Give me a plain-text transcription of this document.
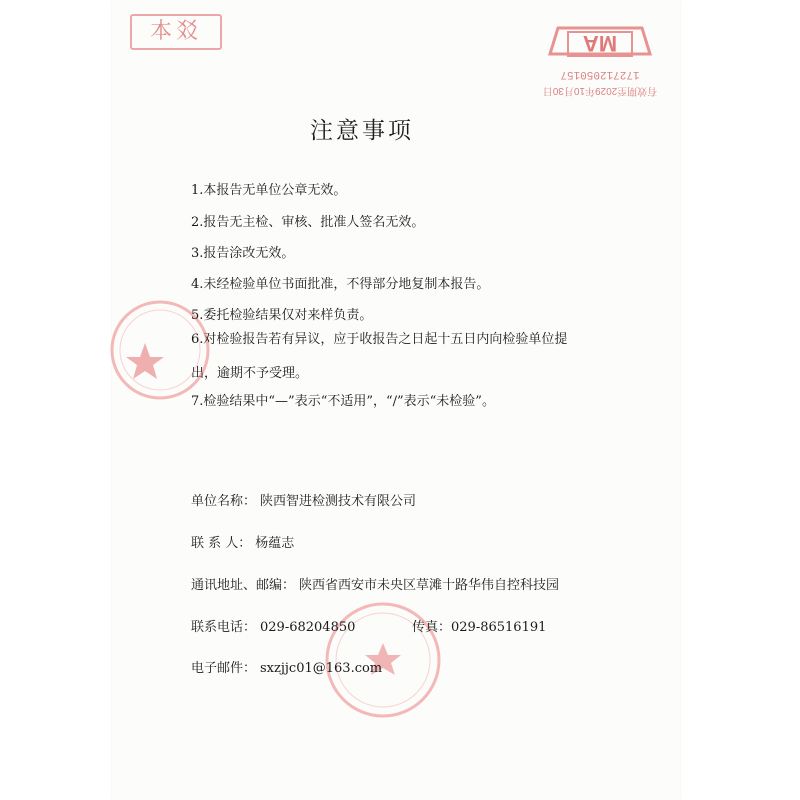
本㸚	MA
172712050157
有效期至2029年10月30日
注意事项
1.本报告无单位公章无效。
2.报告无主检、审核、批准人签名无效。
3.报告涂改无效。
4.未经检验单位书面批准，不得部分地复制本报告。
5.委托检验结果仅对来样负责。
6.对检验报告若有异议，应于收报告之日起十五日内向检验单位提出，逾期不予受理。
7.检验结果中“—”表示“不适用”，“/”表示“未检验”。
单位名称： 陕西智进检测技术有限公司
联 系 人： 杨蕴志
通讯地址、邮编： 陕西省西安市未央区草滩十路华伟自控科技园
联系电话： 029-68204850	传真：029-86516191
电子邮件： sxzjjc01@163.com
